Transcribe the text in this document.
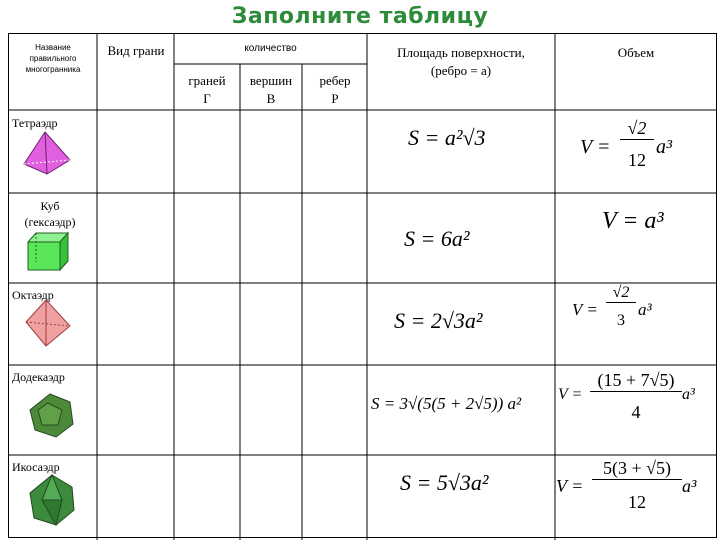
Заполните таблицу
Название
правильного
многогранника
Вид грани	количество
граней
Г
вершин
В
ребер
Р
Площадь поверхности,
(ребро = а)
Объем
Тетраэдр
Куб
(гексаэдр)
Октаэдр
Додекаэдр
Икосаэдр
S = a²√3
S = 6a²
S = 2√3a²
S = 3√(5(5 + 2√5)) a²
S = 5√3a²
V =
√2
12
a³
V = a³
V =
√2
3
a³
V =
(15 + 7√5)
4
a³
V =
5(3 + √5)
12
a³
